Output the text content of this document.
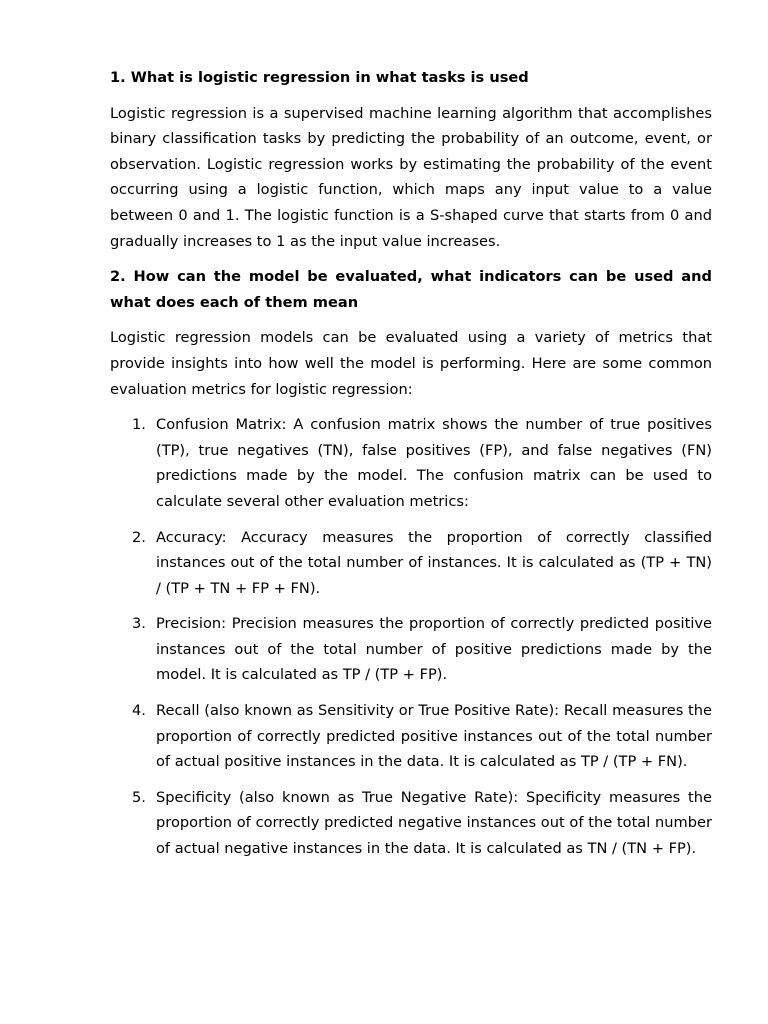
1. What is logistic regression in what tasks is used

Logistic regression is a supervised machine learning algorithm that accomplishes binary classification tasks by predicting the probability of an outcome, event, or observation. Logistic regression works by estimating the probability of the event occurring using a logistic function, which maps any input value to a value between 0 and 1. The logistic function is a S-shaped curve that starts from 0 and gradually increases to 1 as the input value increases.

2. How can the model be evaluated, what indicators can be used and what does each of them mean

Logistic regression models can be evaluated using a variety of metrics that provide insights into how well the model is performing. Here are some common evaluation metrics for logistic regression:

1. Confusion Matrix: A confusion matrix shows the number of true positives (TP), true negatives (TN), false positives (FP), and false negatives (FN) predictions made by the model. The confusion matrix can be used to calculate several other evaluation metrics:
2. Accuracy: Accuracy measures the proportion of correctly classified instances out of the total number of instances. It is calculated as (TP + TN) / (TP + TN + FP + FN).
3. Precision: Precision measures the proportion of correctly predicted positive instances out of the total number of positive predictions made by the model. It is calculated as TP / (TP + FP).
4. Recall (also known as Sensitivity or True Positive Rate): Recall measures the proportion of correctly predicted positive instances out of the total number of actual positive instances in the data. It is calculated as TP / (TP + FN).
5. Specificity (also known as True Negative Rate): Specificity measures the proportion of correctly predicted negative instances out of the total number of actual negative instances in the data. It is calculated as TN / (TN + FP).
